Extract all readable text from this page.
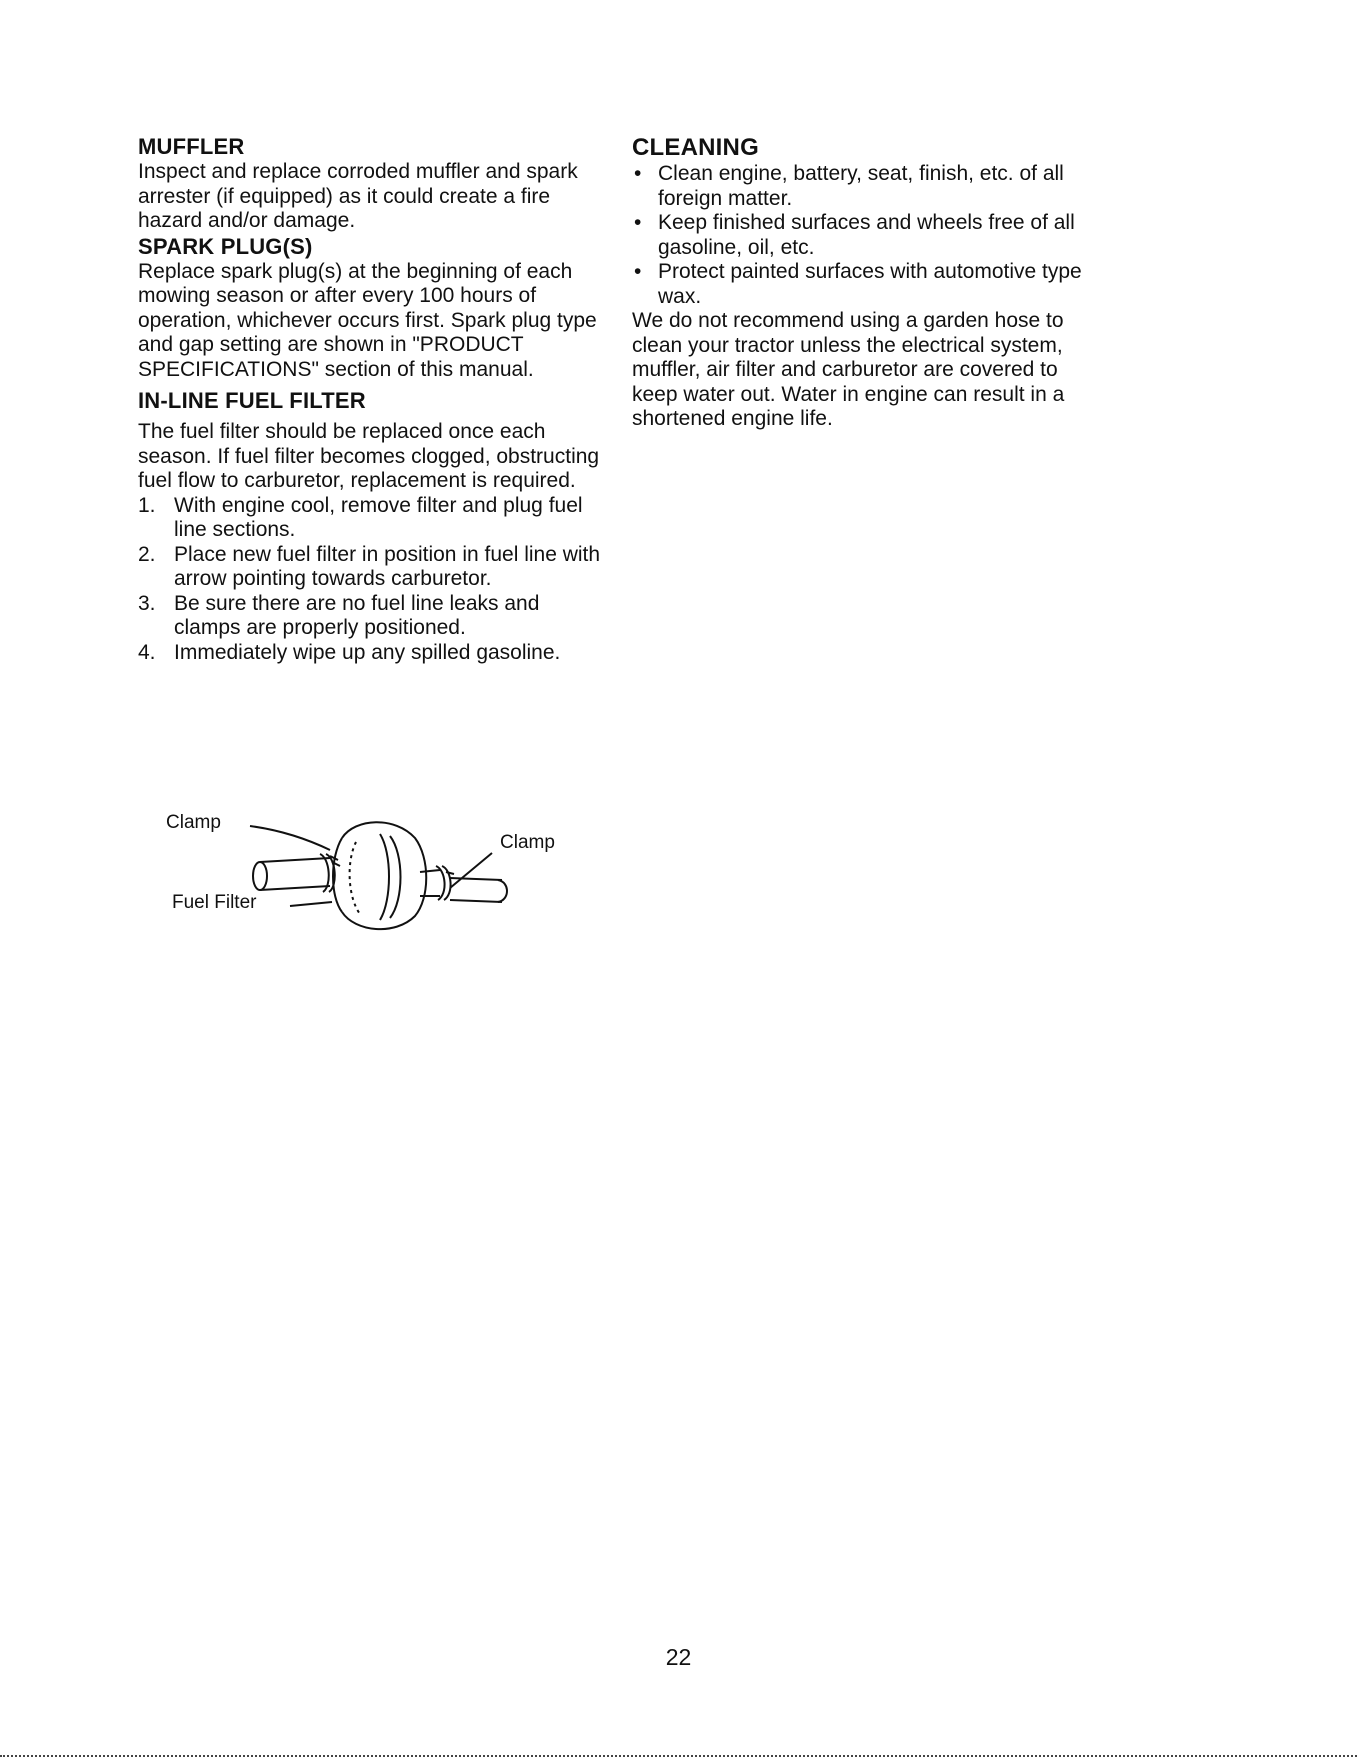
MUFFLER

Inspect and replace corroded muffler and spark arrester (if equipped) as it could create a fire hazard and/or damage.

SPARK PLUG(S)

Replace spark plug(s) at the beginning of each mowing season or after every 100 hours of operation, whichever occurs first. Spark plug type and gap setting are shown in "PRODUCT SPECIFICATIONS" section of this manual.

IN-LINE FUEL FILTER

The fuel filter should be replaced once each season. If fuel filter becomes clogged, obstructing fuel flow to carburetor, replacement is required.

1. With engine cool, remove filter and plug fuel line sections.
2. Place new fuel filter in position in fuel line with arrow pointing towards carburetor.
3. Be sure there are no fuel line leaks and clamps are properly positioned.
4. Immediately wipe up any spilled gasoline.
Clamp
Clamp
Fuel Filter
CLEANING
• Clean engine, battery, seat, finish, etc. of all foreign matter.
• Keep finished surfaces and wheels free of all gasoline, oil, etc.
• Protect painted surfaces with automotive type wax.

We do not recommend using a garden hose to clean your tractor unless the electrical system, muffler, air filter and carburetor are covered to keep water out. Water in engine can result in a shortened engine life.

22
